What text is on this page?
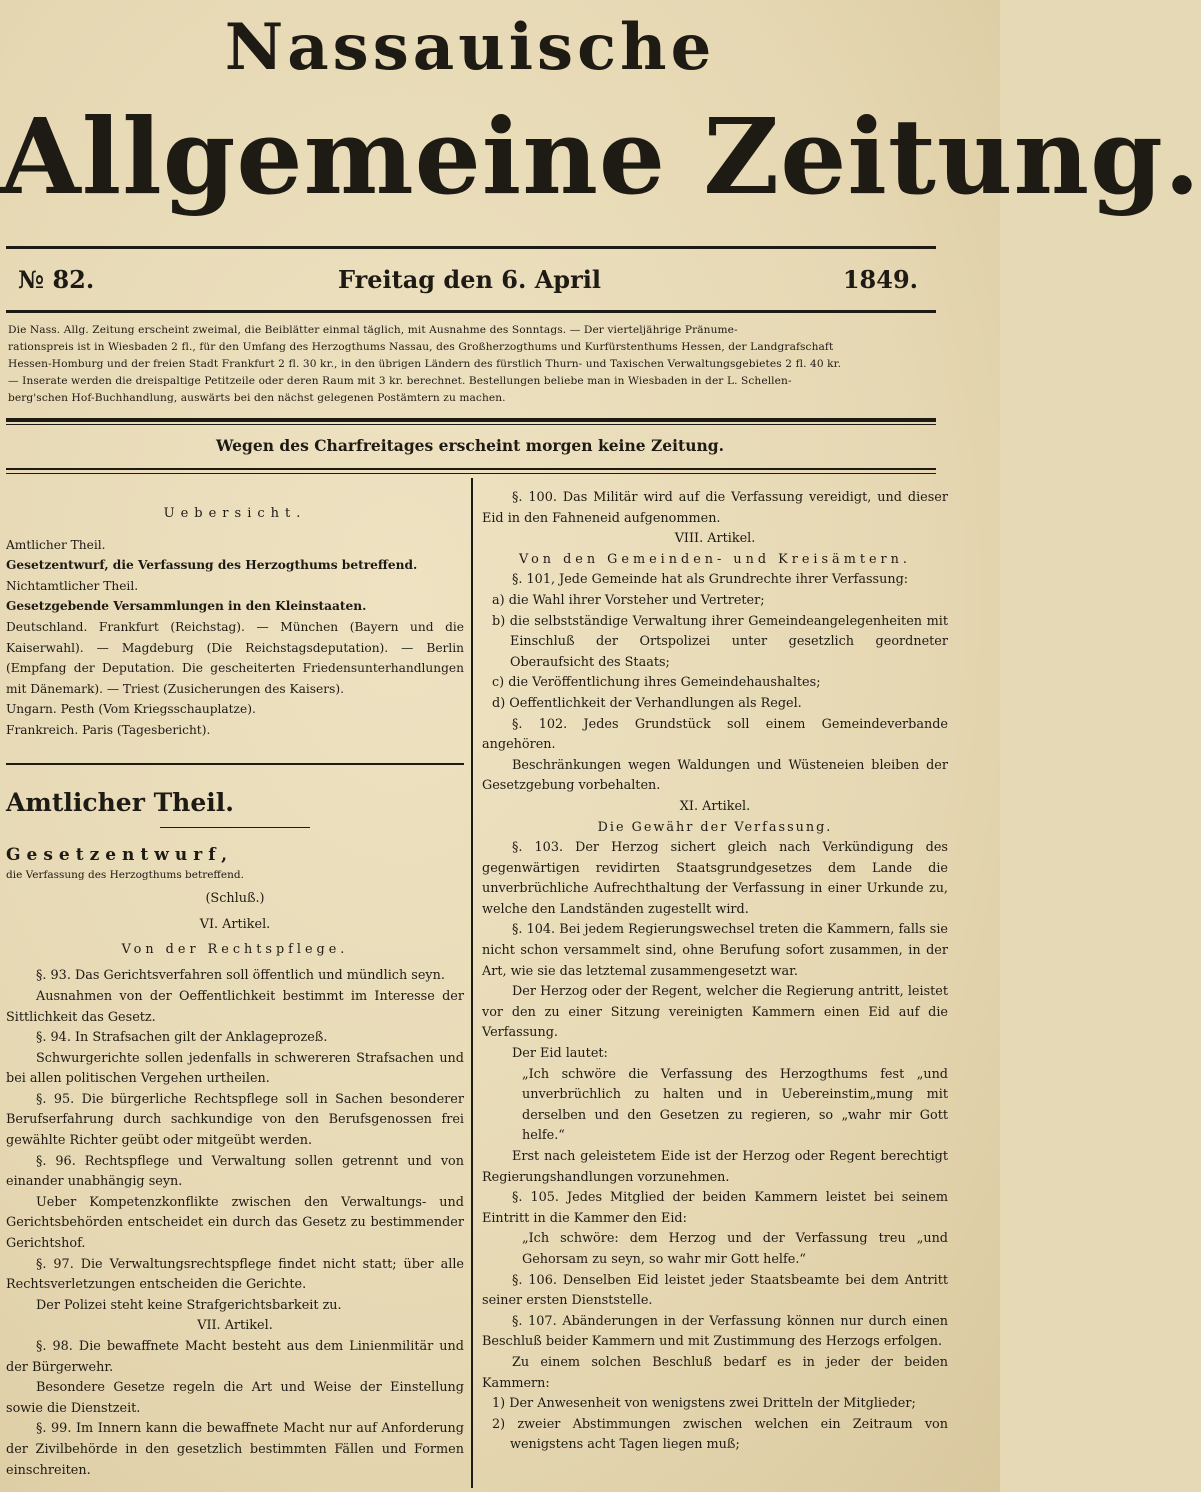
Nassauische
Allgemeine Zeitung.
№ 82.	Freitag den 6. April	1849.
Die Nass. Allg. Zeitung erscheint zweimal, die Beiblätter einmal täglich, mit Ausnahme des Sonntags. — Der vierteljährige Pränume-
rationspreis ist in Wiesbaden 2 fl., für den Umfang des Herzogthums Nassau, des Großherzogthums und Kurfürstenthums Hessen, der Landgrafschaft
Hessen-Homburg und der freien Stadt Frankfurt 2 fl. 30 kr., in den übrigen Ländern des fürstlich Thurn- und Taxischen Verwaltungsgebietes 2 fl. 40 kr.
— Inserate werden die dreispaltige Petitzeile oder deren Raum mit 3 kr. berechnet. Bestellungen beliebe man in Wiesbaden in der L. Schellen-
berg'schen Hof-Buchhandlung, auswärts bei den nächst gelegenen Postämtern zu machen.
Wegen des Charfreitages erscheint morgen keine Zeitung.

Uebersicht.

Amtlicher Theil.

Gesetzentwurf, die Verfassung des Herzogthums betreffend.

Nichtamtlicher Theil.

Gesetzgebende Versammlungen in den Kleinstaaten.

Deutschland. Frankfurt (Reichstag). — München (Bayern und die Kaiserwahl). — Magdeburg (Die Reichstagsdeputation). — Berlin (Empfang der Deputation. Die gescheiterten Friedensunterhandlungen mit Dänemark). — Triest (Zusicherungen des Kaisers).

Ungarn. Pesth (Vom Kriegsschauplatze).

Frankreich. Paris (Tagesbericht).

Amtlicher Theil.

Gesetzentwurf,

die Verfassung des Herzogthums betreffend.

(Schluß.)

VI. Artikel.

Von der Rechtspflege.

§. 93. Das Gerichtsverfahren soll öffentlich und mündlich seyn.

Ausnahmen von der Oeffentlichkeit bestimmt im Interesse der Sittlichkeit das Gesetz.

§. 94. In Strafsachen gilt der Anklageprozeß.

Schwurgerichte sollen jedenfalls in schwereren Strafsachen und bei allen politischen Vergehen urtheilen.

§. 95. Die bürgerliche Rechtspflege soll in Sachen besonderer Berufserfahrung durch sachkundige von den Berufsgenossen frei gewählte Richter geübt oder mitgeübt werden.

§. 96. Rechtspflege und Verwaltung sollen getrennt und von einander unabhängig seyn.

Ueber Kompetenzkonflikte zwischen den Verwaltungs- und Gerichtsbehörden entscheidet ein durch das Gesetz zu bestimmender Gerichtshof.

§. 97. Die Verwaltungsrechtspflege findet nicht statt; über alle Rechtsverletzungen entscheiden die Gerichte.

Der Polizei steht keine Strafgerichtsbarkeit zu.

VII. Artikel.

§. 98. Die bewaffnete Macht besteht aus dem Linienmilitär und der Bürgerwehr.

Besondere Gesetze regeln die Art und Weise der Einstellung sowie die Dienstzeit.

§. 99. Im Innern kann die bewaffnete Macht nur auf Anforderung der Zivilbehörde in den gesetzlich bestimmten Fällen und Formen einschreiten.

§. 100. Das Militär wird auf die Verfassung vereidigt, und dieser Eid in den Fahneneid aufgenommen.

VIII. Artikel.

Von den Gemeinden- und Kreisämtern.

§. 101, Jede Gemeinde hat als Grundrechte ihrer Verfassung:

a) die Wahl ihrer Vorsteher und Vertreter;

b) die selbstständige Verwaltung ihrer Gemeindeangelegenheiten mit Einschluß der Ortspolizei unter gesetzlich geordneter Oberaufsicht des Staats;

c) die Veröffentlichung ihres Gemeindehaushaltes;

d) Oeffentlichkeit der Verhandlungen als Regel.

§. 102. Jedes Grundstück soll einem Gemeindeverbande angehören.

Beschränkungen wegen Waldungen und Wüsteneien bleiben der Gesetzgebung vorbehalten.

XI. Artikel.

Die Gewähr der Verfassung.

§. 103. Der Herzog sichert gleich nach Verkündigung des gegenwärtigen revidirten Staatsgrundgesetzes dem Lande die unverbrüchliche Aufrechthaltung der Verfassung in einer Urkunde zu, welche den Landständen zugestellt wird.

§. 104. Bei jedem Regierungswechsel treten die Kammern, falls sie nicht schon versammelt sind, ohne Berufung sofort zusammen, in der Art, wie sie das letztemal zusammengesetzt war.

Der Herzog oder der Regent, welcher die Regierung antritt, leistet vor den zu einer Sitzung vereinigten Kammern einen Eid auf die Verfassung.

Der Eid lautet:

„Ich schwöre die Verfassung des Herzogthums fest „und unverbrüchlich zu halten und in Uebereinstim„mung mit derselben und den Gesetzen zu regieren, so „wahr mir Gott helfe.“

Erst nach geleistetem Eide ist der Herzog oder Regent berechtigt Regierungshandlungen vorzunehmen.

§. 105. Jedes Mitglied der beiden Kammern leistet bei seinem Eintritt in die Kammer den Eid:

„Ich schwöre: dem Herzog und der Verfassung treu „und Gehorsam zu seyn, so wahr mir Gott helfe.“

§. 106. Denselben Eid leistet jeder Staatsbeamte bei dem Antritt seiner ersten Dienststelle.

§. 107. Abänderungen in der Verfassung können nur durch einen Beschluß beider Kammern und mit Zustimmung des Herzogs erfolgen.

Zu einem solchen Beschluß bedarf es in jeder der beiden Kammern:

1) Der Anwesenheit von wenigstens zwei Dritteln der Mitglieder;

2) zweier Abstimmungen zwischen welchen ein Zeitraum von wenigstens acht Tagen liegen muß;
